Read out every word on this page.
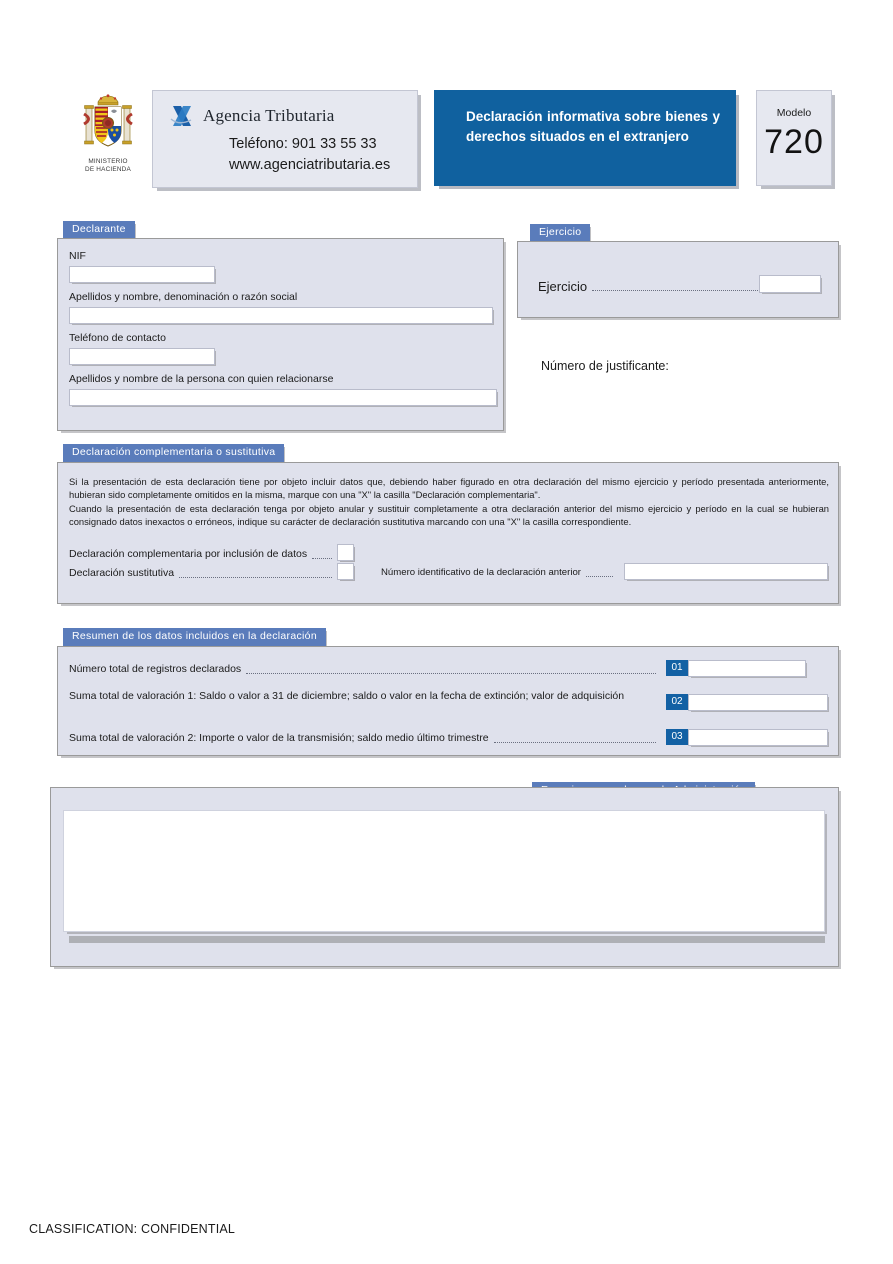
MINISTERIO
DE HACIENDA
Agencia Tributaria
Teléfono: 901 33 55 33
www.agenciatributaria.es
Declaración informativa sobre bienes y derechos situados en el extranjero
Modelo
720
Declarante
NIF
Apellidos y nombre, denominación o razón social
Teléfono de contacto
Apellidos y nombre de la persona con quien relacionarse
Ejercicio
Ejercicio
Número de justificante:
Declaración complementaria o sustitutiva

Si la presentación de esta declaración tiene por objeto incluir datos que, debiendo haber figurado en otra declaración del mismo ejercicio y período presentada anteriormente, hubieran sido completamente omitidos en la misma, marque con una "X" la casilla "Declaración complementaria".

Cuando la presentación de esta declaración tenga por objeto anular y sustituir completamente a otra declaración anterior del mismo ejercicio y período en la cual se hubieran consignado datos inexactos o erróneos, indique su carácter de declaración sustitutiva marcando con una "X" la casilla correspondiente.

Declaración complementaria por inclusión de datos
Declaración sustitutiva	Número identificativo de la declaración anterior
Resumen de los datos incluidos en la declaración
Número total de registros declarados	01
Suma total de valoración 1: Saldo o valor a 31 de diciembre; saldo o valor en la fecha de extinción; valor de adquisición	02
Suma total de valoración 2: Importe o valor de la transmisión; saldo medio último trimestre	03
CLASSIFICATION: CONFIDENTIAL
